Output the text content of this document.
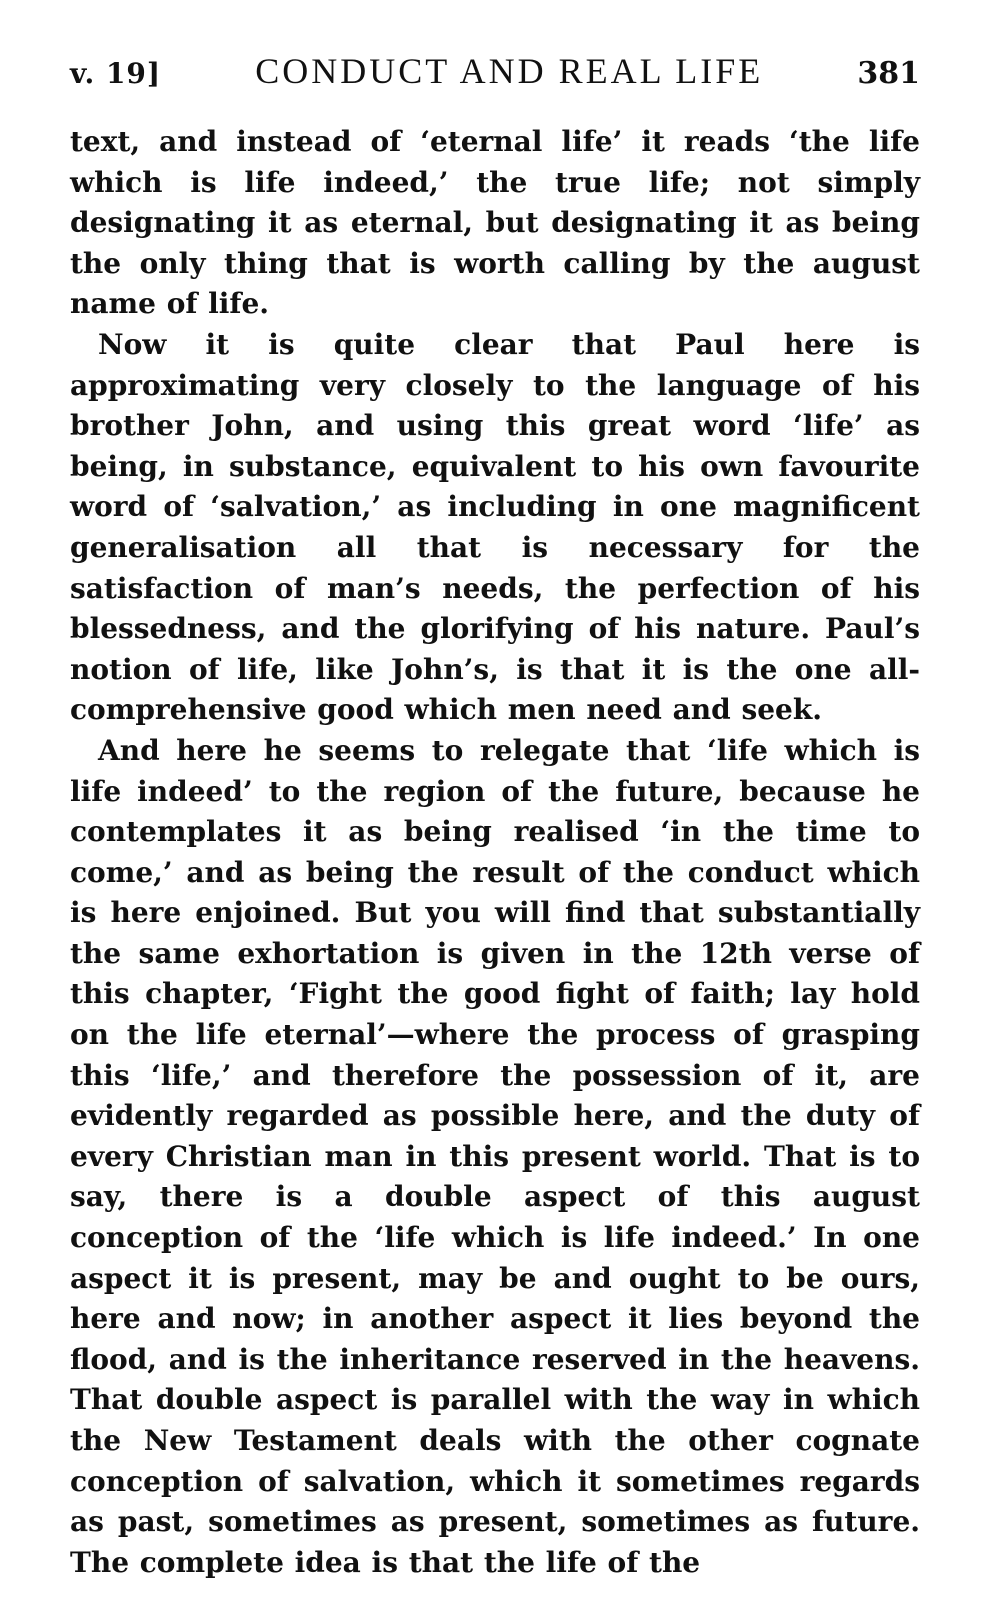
v. 19]	CONDUCT AND REAL LIFE	381

text, and instead of ‘eternal life’ it reads ‘the life which is life indeed,’ the true life; not simply designating it as eternal, but designating it as being the only thing that is worth calling by the august name of life.

Now it is quite clear that Paul here is approximating very closely to the language of his brother John, and using this great word ‘life’ as being, in substance, equivalent to his own favourite word of ‘salvation,’ as including in one magnificent generalisation all that is necessary for the satisfaction of man’s needs, the perfection of his blessedness, and the glorifying of his nature. Paul’s notion of life, like John’s, is that it is the one all-comprehensive good which men need and seek.

And here he seems to relegate that ‘life which is life indeed’ to the region of the future, because he contemplates it as being realised ‘in the time to come,’ and as being the result of the conduct which is here enjoined. But you will find that substantially the same exhortation is given in the 12th verse of this chapter, ‘Fight the good fight of faith; lay hold on the life eternal’—where the process of grasping this ‘life,’ and therefore the possession of it, are evidently regarded as possible here, and the duty of every Christian man in this present world. That is to say, there is a double aspect of this august conception of the ‘life which is life indeed.’ In one aspect it is present, may be and ought to be ours, here and now; in another aspect it lies beyond the flood, and is the inheritance reserved in the heavens. That double aspect is parallel with the way in which the New Testament deals with the other cognate conception of salvation, which it sometimes regards as past, sometimes as present, sometimes as future. The complete idea is that the life of the
